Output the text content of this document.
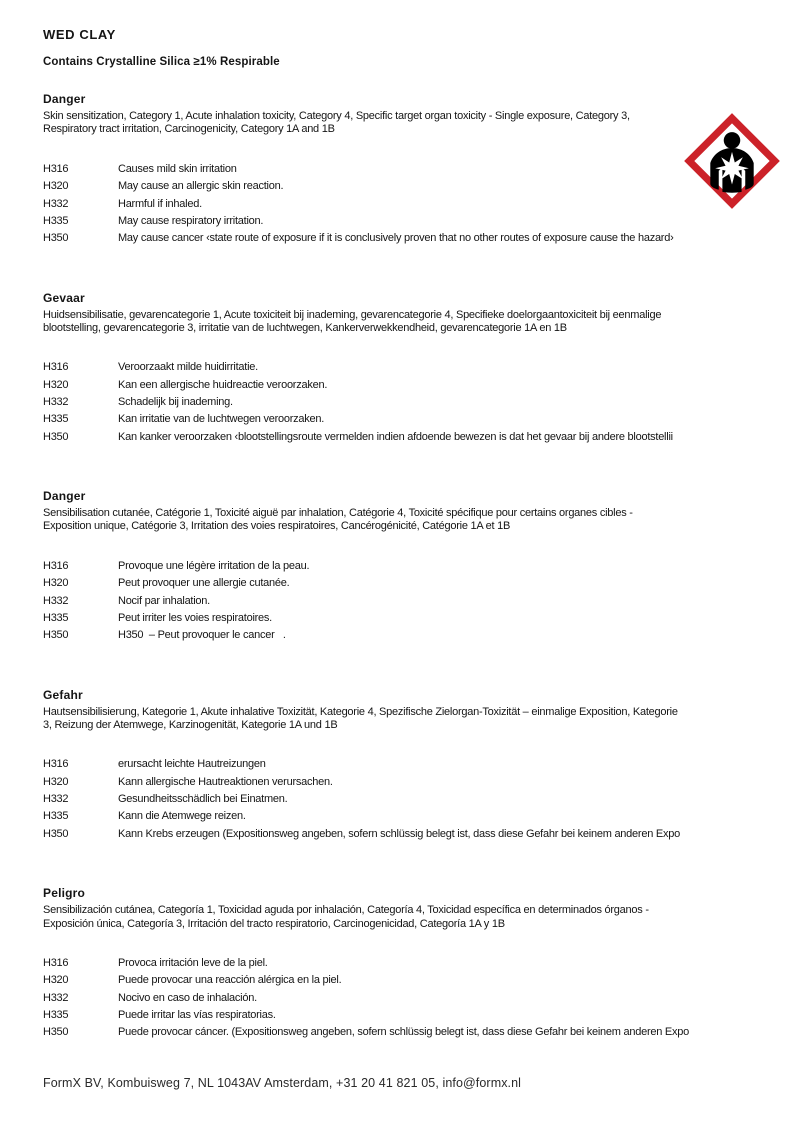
WED CLAY
Contains Crystalline Silica ≥1% Respirable
Danger
Skin sensitization, Category 1, Acute inhalation toxicity, Category 4, Specific target organ toxicity - Single exposure, Category 3,
Respiratory tract irritation, Carcinogenicity, Category 1A and 1B
H316	Causes mild skin irritation
H320	May cause an allergic skin reaction.
H332	Harmful if inhaled.
H335	May cause respiratory irritation.
H350	May cause cancer ‹state route of exposure if it is conclusively proven that no other routes of exposure cause the hazard›
Gevaar
Huidsensibilisatie, gevarencategorie 1, Acute toxiciteit bij inademing, gevarencategorie 4, Specifieke doelorgaantoxiciteit bij eenmalige
blootstelling, gevarencategorie 3, irritatie van de luchtwegen, Kankerverwekkendheid, gevarencategorie 1A en 1B
H316	Veroorzaakt milde huidirritatie.
H320	Kan een allergische huidreactie veroorzaken.
H332	Schadelijk bij inademing.
H335	Kan irritatie van de luchtwegen veroorzaken.
H350	Kan kanker veroorzaken ‹blootstellingsroute vermelden indien afdoende bewezen is dat het gevaar bij andere blootstellii
Danger
Sensibilisation cutanée, Catégorie 1, Toxicité aiguë par inhalation, Catégorie 4, Toxicité spécifique pour certains organes cibles -
Exposition unique, Catégorie 3, Irritation des voies respiratoires, Cancérogénicité, Catégorie 1A et 1B
H316	Provoque une légère irritation de la peau.
H320	Peut provoquer une allergie cutanée.
H332	Nocif par inhalation.
H335	Peut irriter les voies respiratoires.
H350	H350  – Peut provoquer le cancer   .
Gefahr
Hautsensibilisierung, Kategorie 1, Akute inhalative Toxizität, Kategorie 4, Spezifische Zielorgan-Toxizität – einmalige Exposition, Kategorie
3, Reizung der Atemwege, Karzinogenität, Kategorie 1A und 1B
H316	erursacht leichte Hautreizungen
H320	Kann allergische Hautreaktionen verursachen.
H332	Gesundheitsschädlich bei Einatmen.
H335	Kann die Atemwege reizen.
H350	Kann Krebs erzeugen (Expositionsweg angeben, sofern schlüssig belegt ist, dass diese Gefahr bei keinem anderen Expo
Peligro
Sensibilización cutánea, Categoría 1, Toxicidad aguda por inhalación, Categoría 4, Toxicidad específica en determinados órganos -
Exposición única, Categoría 3, Irritación del tracto respiratorio, Carcinogenicidad, Categoría 1A y 1B
H316	Provoca irritación leve de la piel.
H320	Puede provocar una reacción alérgica en la piel.
H332	Nocivo en caso de inhalación.
H335	Puede irritar las vías respiratorias.
H350	Puede provocar cáncer. (Expositionsweg angeben, sofern schlüssig belegt ist, dass diese Gefahr bei keinem anderen Expo
FormX BV, Kombuisweg 7, NL 1043AV Amsterdam, +31 20 41 821 05, info@formx.nl
